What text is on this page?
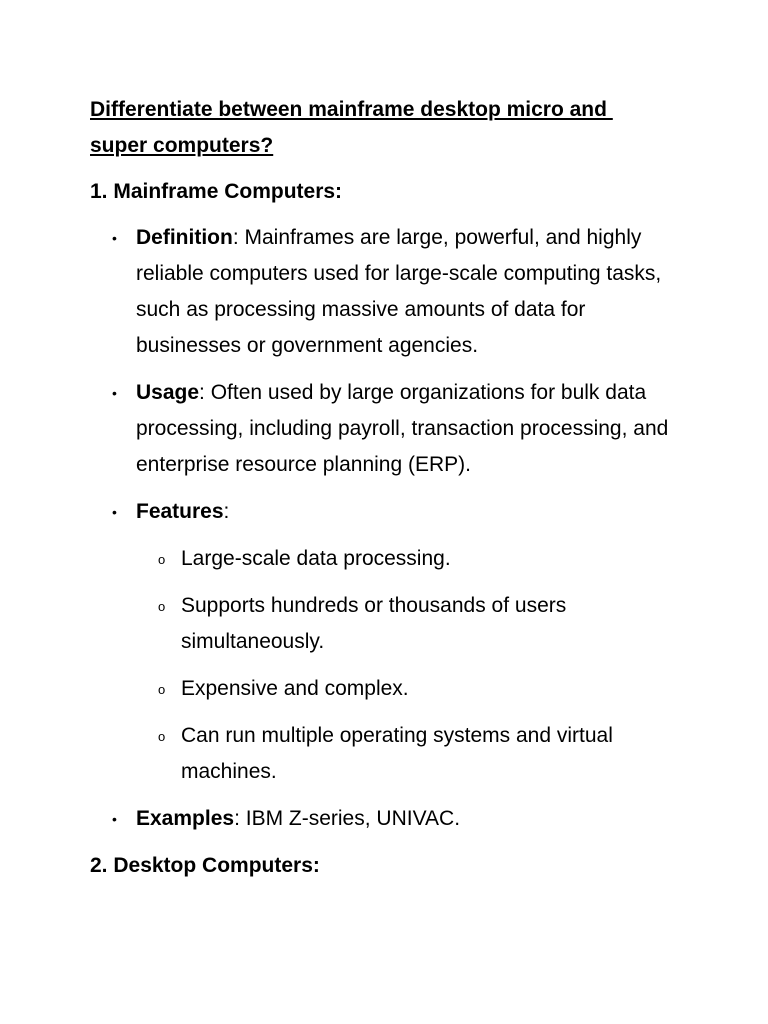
Differentiate between mainframe desktop micro and
super computers?
1. Mainframe Computers:
• Definition: Mainframes are large, powerful, and highly reliable computers used for large-scale computing tasks, such as processing massive amounts of data for businesses or government agencies.
• Usage: Often used by large organizations for bulk data processing, including payroll, transaction processing, and enterprise resource planning (ERP).
• Features:
o Large-scale data processing.
o Supports hundreds or thousands of users simultaneously.
o Expensive and complex.
o Can run multiple operating systems and virtual machines.
• Examples: IBM Z-series, UNIVAC.
2. Desktop Computers:
